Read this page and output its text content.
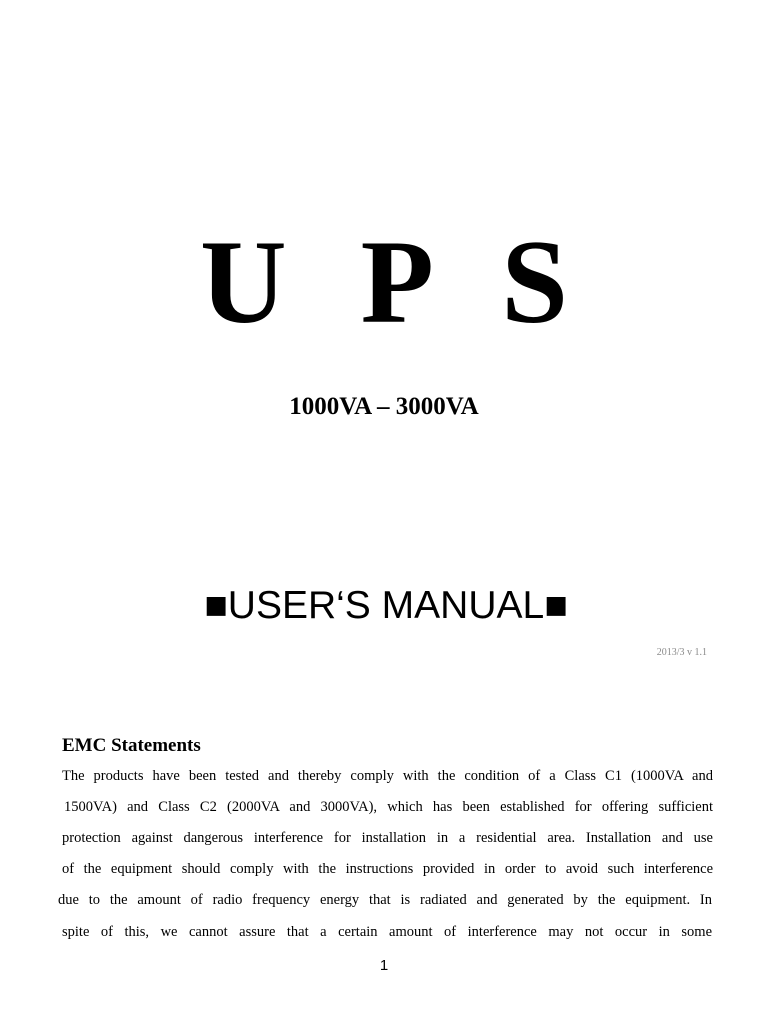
U P S
1000VA – 3000VA
■USER‘S MANUAL■
2013/3 v 1.1
EMC Statements
The products have been tested and thereby comply with the condition of a Class C1 (1000VA and
1500VA) and Class C2 (2000VA and 3000VA), which has been established for offering sufficient
protection against dangerous interference for installation in a residential area. Installation and use
of the equipment should comply with the instructions provided in order to avoid such interference
due to the amount of radio frequency energy that is radiated and generated by the equipment. In
spite of this, we cannot assure that a certain amount of interference may not occur in some
1
